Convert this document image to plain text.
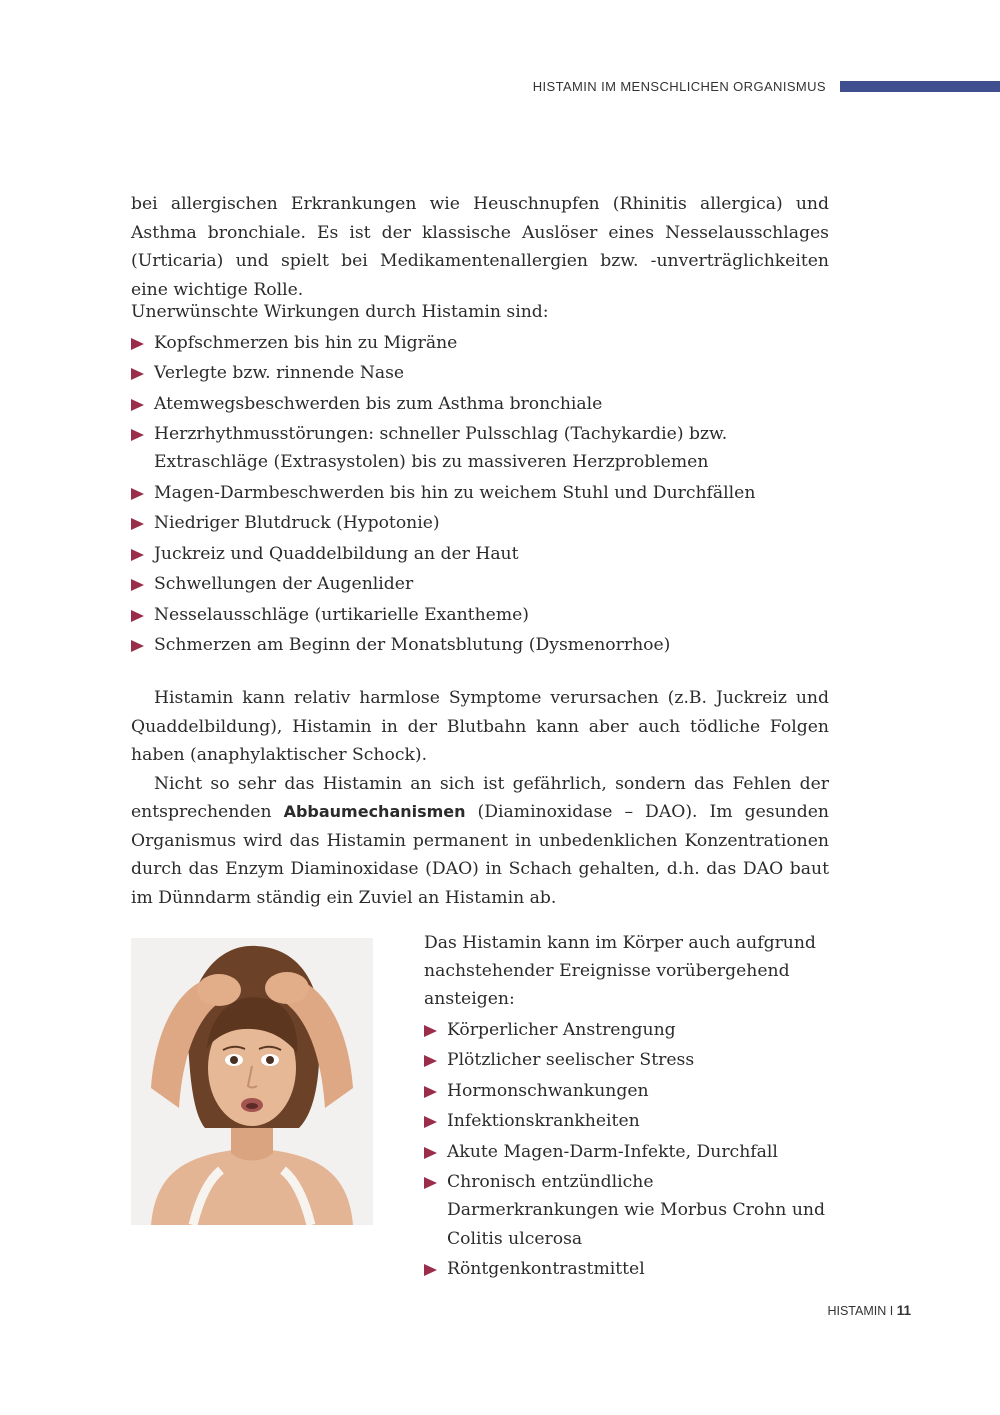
HISTAMIN IM MENSCHLICHEN ORGANISMUS

bei allergischen Erkrankungen wie Heuschnupfen (Rhinitis allergica) und Asthma bronchiale. Es ist der klassische Auslöser eines Nesselausschlages (Urticaria) und spielt bei Medikamentenallergien bzw. -unverträglichkeiten eine wichtige Rolle.

Unerwünschte Wirkungen durch Histamin sind:

Kopfschmerzen bis hin zu Migräne
Verlegte bzw. rinnende Nase
Atemwegsbeschwerden bis zum Asthma bronchiale
Herzrhythmusstörungen: schneller Pulsschlag (Tachykardie) bzw. Extraschläge (Extrasystolen) bis zu massiveren Herzproblemen
Magen-Darmbeschwerden bis hin zu weichem Stuhl und Durchfällen
Niedriger Blutdruck (Hypotonie)
Juckreiz und Quaddelbildung an der Haut
Schwellungen der Augenlider
Nesselausschläge (urtikarielle Exantheme)
Schmerzen am Beginn der Monatsblutung (Dysmenorrhoe)

Histamin kann relativ harmlose Symptome verursachen (z.B. Juckreiz und Quaddelbildung), Histamin in der Blutbahn kann aber auch tödliche Folgen haben (anaphylaktischer Schock).

Nicht so sehr das Histamin an sich ist gefährlich, sondern das Fehlen der entsprechenden Abbaumechanismen (Diaminoxidase – DAO). Im gesunden Organismus wird das Histamin permanent in unbedenklichen Konzentrationen durch das Enzym Diaminoxidase (DAO) in Schach gehalten, d.h. das DAO baut im Dünndarm ständig ein Zuviel an Histamin ab.

Das Histamin kann im Körper auch aufgrund nachstehender Ereignisse vorübergehend ansteigen:

Körperlicher Anstrengung
Plötzlicher seelischer Stress
Hormonschwankungen
Infektionskrankheiten
Akute Magen-Darm-Infekte, Durchfall
Chronisch entzündliche Darmerkrankungen wie Morbus Crohn und Colitis ulcerosa
Röntgenkontrastmittel
HISTAMIN I 11
